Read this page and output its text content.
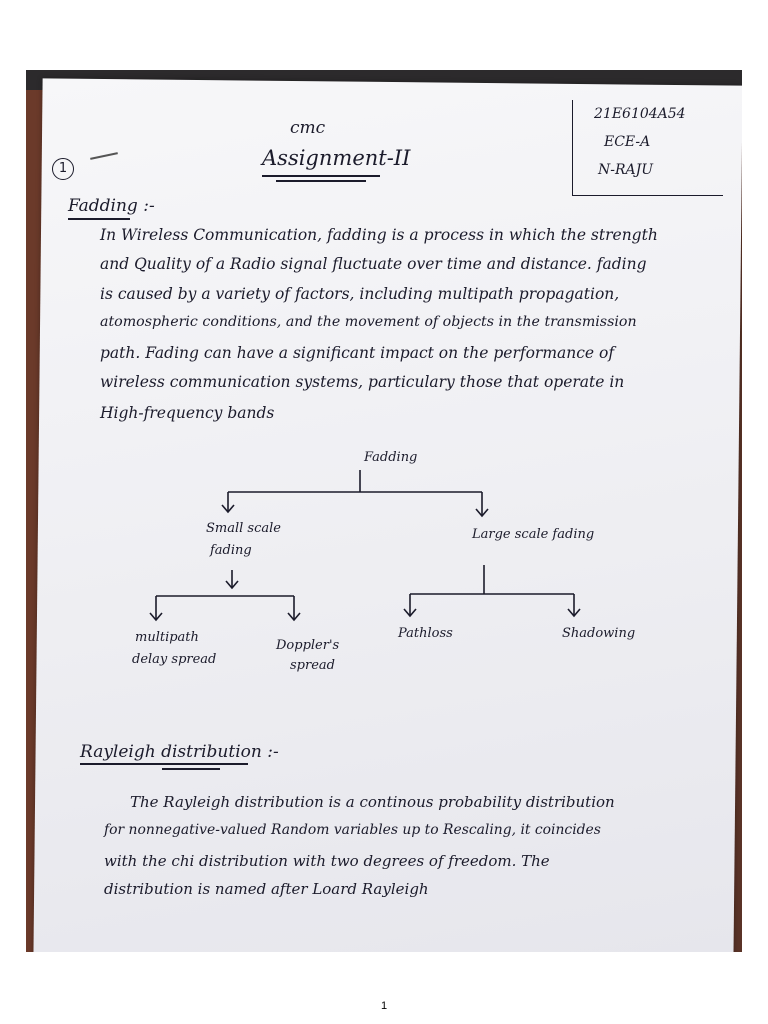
cmc
Assignment-II
1
21E6104A54
ECE-A
N-RAJU
Fadding :-
In Wireless Communication, fadding is a process in which the strength
and Quality of a Radio signal fluctuate over time and distance. fading
is caused by a variety of factors, including multipath propagation,
atomospheric conditions, and the movement of objects in the transmission
path. Fading can have a significant impact on the performance of
wireless communication systems, particulary those that operate in
High-frequency bands
Fadding
Small scale
fading
Large scale fading
multipath
delay spread
Doppler's
spread
Pathloss	Shadowing
Rayleigh distribution :-
The Rayleigh distribution is a continous probability distribution
for nonnegative-valued Random variables up to Rescaling, it coincides
with the chi distribution with two degrees of freedom. The
distribution is named after Loard Rayleigh
1
